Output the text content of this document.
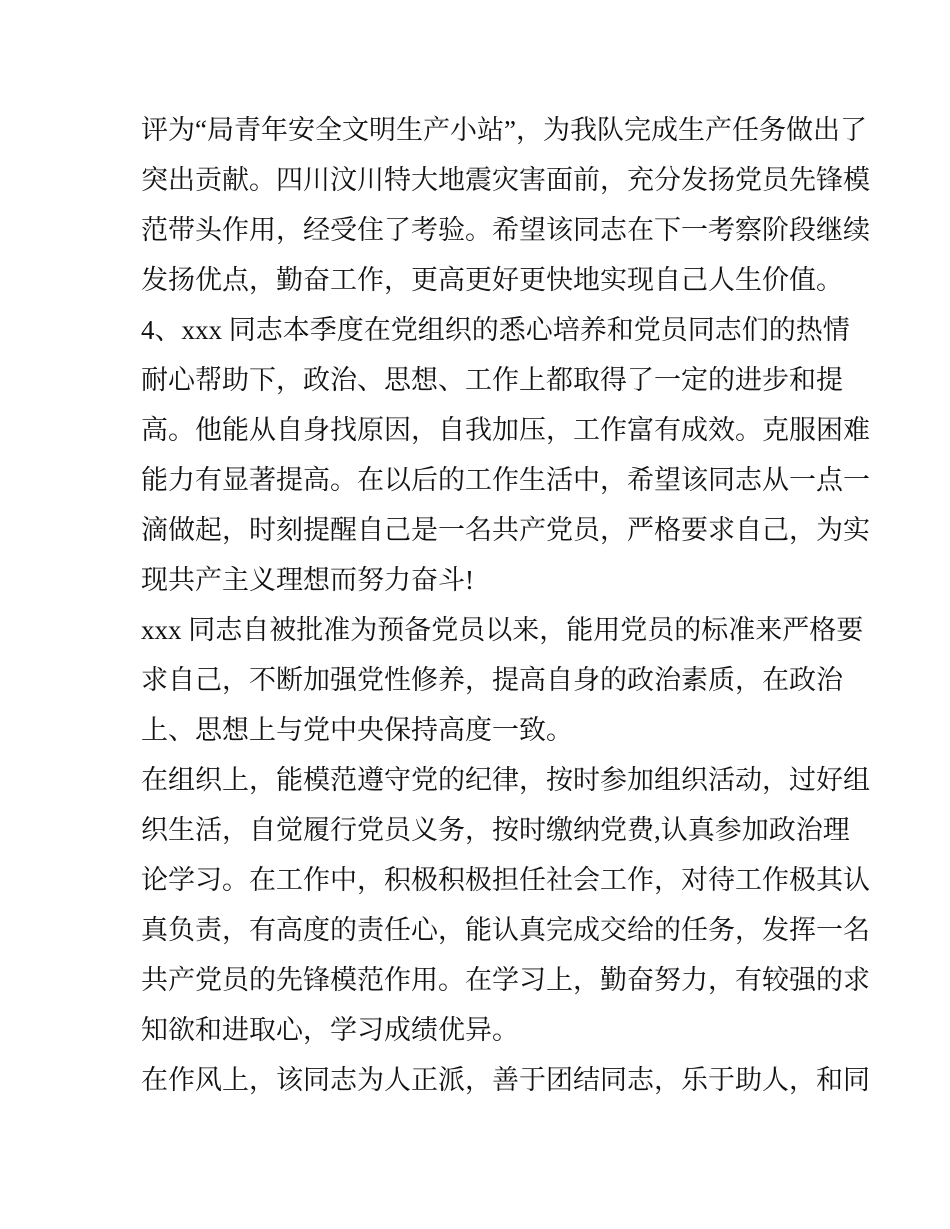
评为“局青年安全文明生产小站”，为我队完成生产任务做出了
突出贡献。四川汶川特大地震灾害面前，充分发扬党员先锋模
范带头作用，经受住了考验。希望该同志在下一考察阶段继续
发扬优点，勤奋工作，更高更好更快地实现自己人生价值。
4、xxx 同志本季度在党组织的悉心培养和党员同志们的热情
耐心帮助下，政治、思想、工作上都取得了一定的进步和提
高。他能从自身找原因，自我加压，工作富有成效。克服困难
能力有显著提高。在以后的工作生活中，希望该同志从一点一
滴做起，时刻提醒自己是一名共产党员，严格要求自己，为实
现共产主义理想而努力奋斗!
xxx 同志自被批准为预备党员以来，能用党员的标准来严格要
求自己，不断加强党性修养，提高自身的政治素质，在政治
上、思想上与党中央保持高度一致。
在组织上，能模范遵守党的纪律，按时参加组织活动，过好组
织生活，自觉履行党员义务，按时缴纳党费,认真参加政治理
论学习。在工作中，积极积极担任社会工作，对待工作极其认
真负责，有高度的责任心，能认真完成交给的任务，发挥一名
共产党员的先锋模范作用。在学习上，勤奋努力，有较强的求
知欲和进取心，学习成绩优异。
在作风上，该同志为人正派，善于团结同志，乐于助人，和同
